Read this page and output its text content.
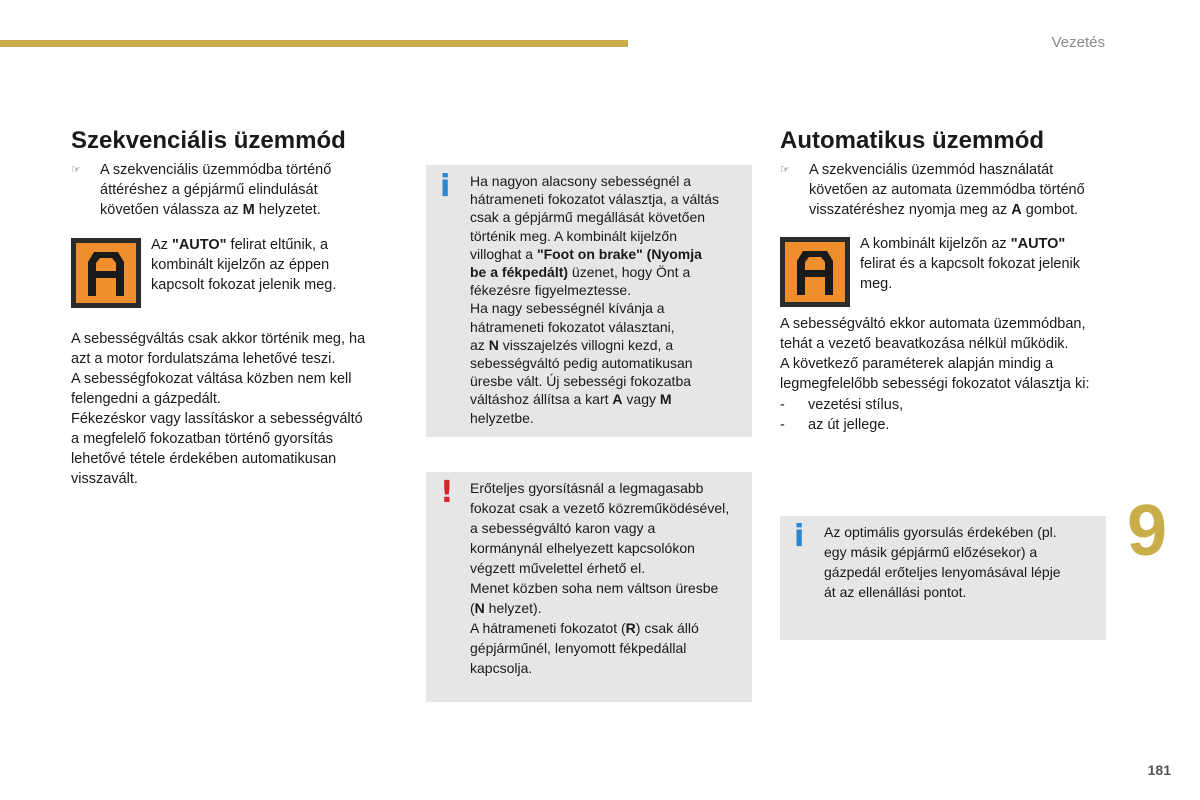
Vezetés
9
181
Szekvenciális üzemmód
☞	A szekvenciális üzemmódba történő
áttéréshez a gépjármű elindulását
követően válassza az M helyzetet.
Az "AUTO" felirat eltűnik, a
kombinált kijelzőn az éppen
kapcsolt fokozat jelenik meg.
A sebességváltás csak akkor történik meg, ha
azt a motor fordulatszáma lehetővé teszi.
A sebességfokozat váltása közben nem kell
felengedni a gázpedált.
Fékezéskor vagy lassításkor a sebességváltó
a megfelelő fokozatban történő gyorsítás
lehetővé tétele érdekében automatikusan
visszavált.
i Ha nagyon alacsony sebességnél a
hátrameneti fokozatot választja, a váltás
csak a gépjármű megállását követően
történik meg. A kombinált kijelzőn
villoghat a "Foot on brake" (Nyomja
be a fékpedált) üzenet, hogy Önt a
fékezésre figyelmeztesse.
Ha nagy sebességnél kívánja a
hátrameneti fokozatot választani,
az N visszajelzés villogni kezd, a
sebességváltó pedig automatikusan
üresbe vált. Új sebességi fokozatba
váltáshoz állítsa a kart A vagy M
helyzetbe.
! Erőteljes gyorsításnál a legmagasabb
fokozat csak a vezető közreműködésével,
a sebességváltó karon vagy a
kormánynál elhelyezett kapcsolókon
végzett művelettel érhető el.
Menet közben soha nem váltson üresbe
(N helyzet).
A hátrameneti fokozatot (R) csak álló
gépjárműnél, lenyomott fékpedállal
kapcsolja.
Automatikus üzemmód
☞	A szekvenciális üzemmód használatát
követően az automata üzemmódba történő
visszatéréshez nyomja meg az A gombot.
A kombinált kijelzőn az "AUTO"
felirat és a kapcsolt fokozat jelenik
meg.
A sebességváltó ekkor automata üzemmódban,
tehát a vezető beavatkozása nélkül működik.
A következő paraméterek alapján mindig a
legmegfelelőbb sebességi fokozatot választja ki:
- vezetési stílus,
- az út jellege.
i Az optimális gyorsulás érdekében (pl.
egy másik gépjármű előzésekor) a
gázpedál erőteljes lenyomásával lépje
át az ellenállási pontot.
